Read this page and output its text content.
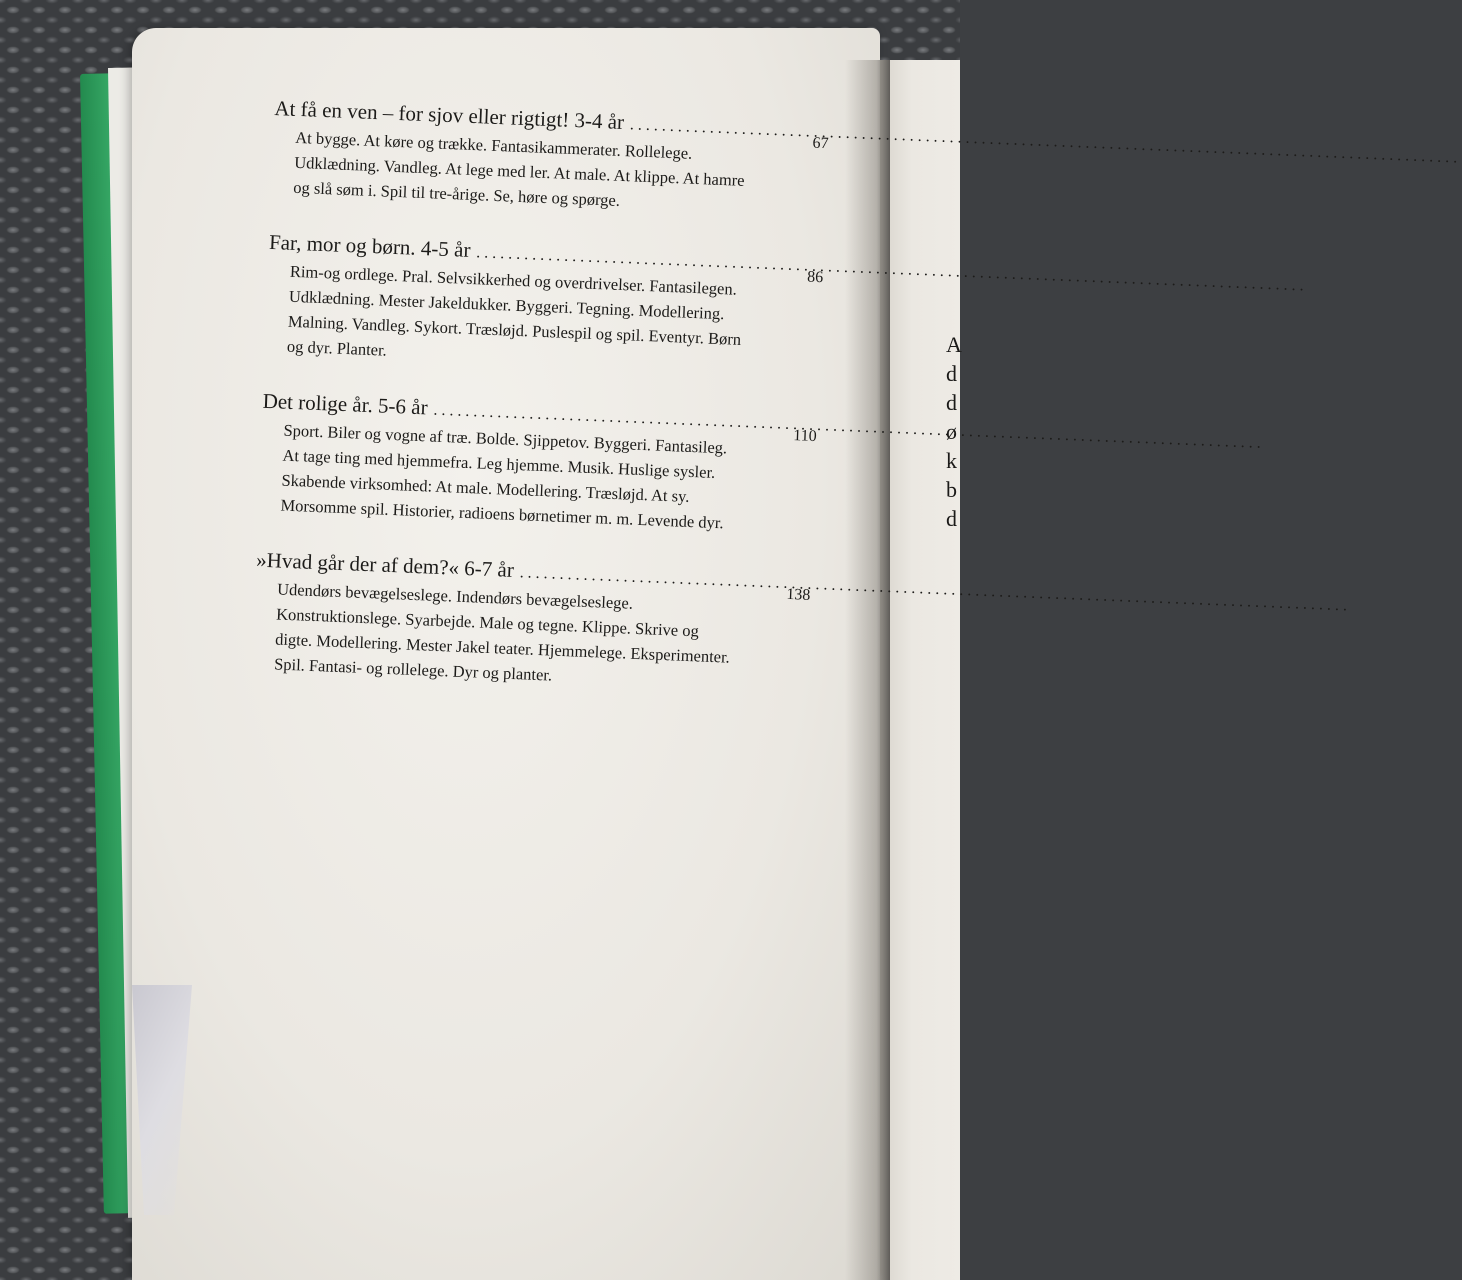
A
d
d
ø
k
b
d
At få en ven – for sjov eller rigtigt! 3-4 år
.....
67
At bygge. At køre og trække. Fantasikammerater. Rollelege. Udklædning. Vandleg. At lege med ler. At male. At klippe. At hamre og slå søm i. Spil til tre-årige. Se, høre og spørge.
Far, mor og børn. 4-5 år
.....
86
Rim-og ordlege. Pral. Selvsikkerhed og overdrivelser. Fantasilegen. Udklædning. Mester Jakeldukker. Byggeri. Tegning. Modellering. Malning. Vandleg. Sykort. Træsløjd. Puslespil og spil. Eventyr. Børn og dyr. Planter.
Det rolige år. 5-6 år
.....
110
Sport. Biler og vogne af træ. Bolde. Sjippetov. Byggeri. Fantasileg. At tage ting med hjemmefra. Leg hjemme. Musik. Huslige sysler. Skabende virksomhed: At male. Modellering. Træsløjd. At sy. Morsomme spil. Historier, radioens børnetimer m. m. Levende dyr.
»Hvad går der af dem?« 6-7 år
.....
138
Udendørs bevægelseslege. Indendørs bevægelseslege. Konstruktionslege. Syarbejde. Male og tegne. Klippe. Skrive og digte. Modellering. Mester Jakel teater. Hjemmelege. Eksperimenter. Spil. Fantasi- og rollelege. Dyr og planter.
